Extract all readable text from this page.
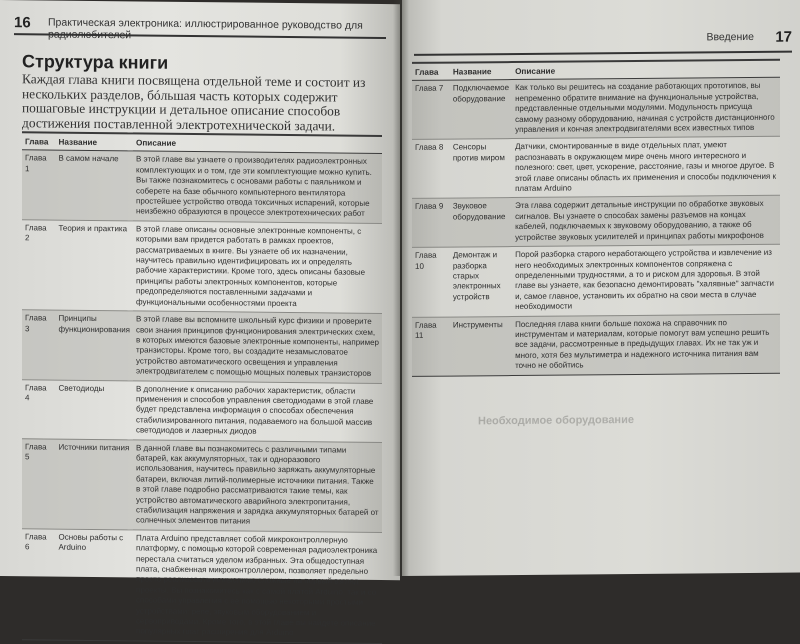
16 Практическая электроника: иллюстрированное руководство для
Структура книги
Каждая глава книги посвящена отдельной теме и состоит из нескольких разделов, бóльшая часть которых содержит пошаговые инструкции и детальное описание способов достижения поставленной электротехнической задачи.
Глава	Название	Описание
Глава 1	В самом начале	В этой главе вы узнаете о производителях радиоэлектронных комплектующих и о том, где эти комплектующие можно купить. Вы также познакомитесь с основами работы с паяльником и соберете на базе обычного компьютерного вентилятора простейшее устройство отвода токсичных испарений, которые неизбежно образуются в процессе электротехнических работ
Глава 2	Теория и практика	В этой главе описаны основные электронные компоненты, с которыми вам придется работать в рамках проектов, рассматриваемых в книге. Вы узнаете об их назначении, научитесь правильно идентифицировать их и определять рабочие характеристики. Кроме того, здесь описаны базовые принципы работы электронных компонентов, которые предопределяются поставленными задачами и функциональными особенностями проекта
Глава 3	Принципы функционирования	В этой главе вы вспомните школьный курс физики и проверите свои знания принципов функционирования электрических схем, в которых имеются базовые электронные компоненты, например транзисторы. Кроме того, вы создадите незамысловатое устройство автоматического освещения и управления электродвигателем с помощью мощных полевых транзисторов
Глава 4	Светодиоды	В дополнение к описанию рабочих характеристик, области применения и способов управления светодиодами в этой главе будет представлена информация о способах обеспечения стабилизированного питания, подаваемого на большой массив светодиодов и лазерных диодов
Глава 5	Источники питания	В данной главе вы познакомитесь с различными типами батарей, как аккумуляторных, так и одноразового использования, научитесь правильно заряжать аккумуляторные батареи, включая литий-полимерные источники питания. Также в этой главе подробно рассматриваются такие темы, как устройство автоматического аварийного электропитания, стабилизация напряжения и зарядка аккумуляторных батарей от солнечных элементов питания
Глава 6	Основы работы с Arduino	Плата Arduino представляет собой микроконтроллерную платформу, с помощью которой современная радиоэлектроника перестала считаться уделом избранных. Эта общедоступная плата, снабженная микроконтроллером, позволяет предельно просто реализовать немыслимо сложные на первый взгляд проекты. Вы познакомитесь как с самой платой Arduino, так и со способами управления с ее помощью некоторыми простыми устройствами: реле, звуковым оборудованием и сервоприводами. Кроме того, в этой главе вы найдете описание популярных плат расширения для Arduino
Введение 17
Глава	Название	Описание
Глава 7	Подключаемое оборудование	Как только вы решитесь на создание работающих прототипов, вы непременно обратите внимание на функциональные устройства, представленные отдельными модулями. Модульность присуща самому разному оборудованию, начиная с устройств дистанционного управления и кончая электродвигателями всех известных типов
Глава 8	Сенсоры против миром	Датчики, смонтированные в виде отдельных плат, умеют распознавать в окружающем мире очень много интересного и полезного: свет, цвет, ускорение, расстояние, газы и многое другое. В этой главе описаны область их применения и способы подключения к платам Arduino
Глава 9	Звуковое оборудование	Эта глава содержит детальные инструкции по обработке звуковых сигналов. Вы узнаете о способах замены разъемов на концах кабелей, подключаемых к звуковому оборудованию, а также об устройстве звуковых усилителей и принципах работы микрофонов
Глава 10	Демонтаж и разборка старых электронных устройств	Порой разборка старого неработающего устройства и извлечение из него необходимых электронных компонентов сопряжена с определенными трудностями, а то и риском для здоровья. В этой главе вы узнаете, как безопасно демонтировать "халявные" запчасти и, самое главное, установить их обратно на свои места в случае необходимости
Глава 11	Инструменты	Последняя глава книги больше похожа на справочник по инструментам и материалам, которые помогут вам успешно решить все задачи, рассмотренные в предыдущих главах. Их не так уж и много, хотя без мультиметра и надежного источника питания вам точно не обойтись
Необходимое оборудование
